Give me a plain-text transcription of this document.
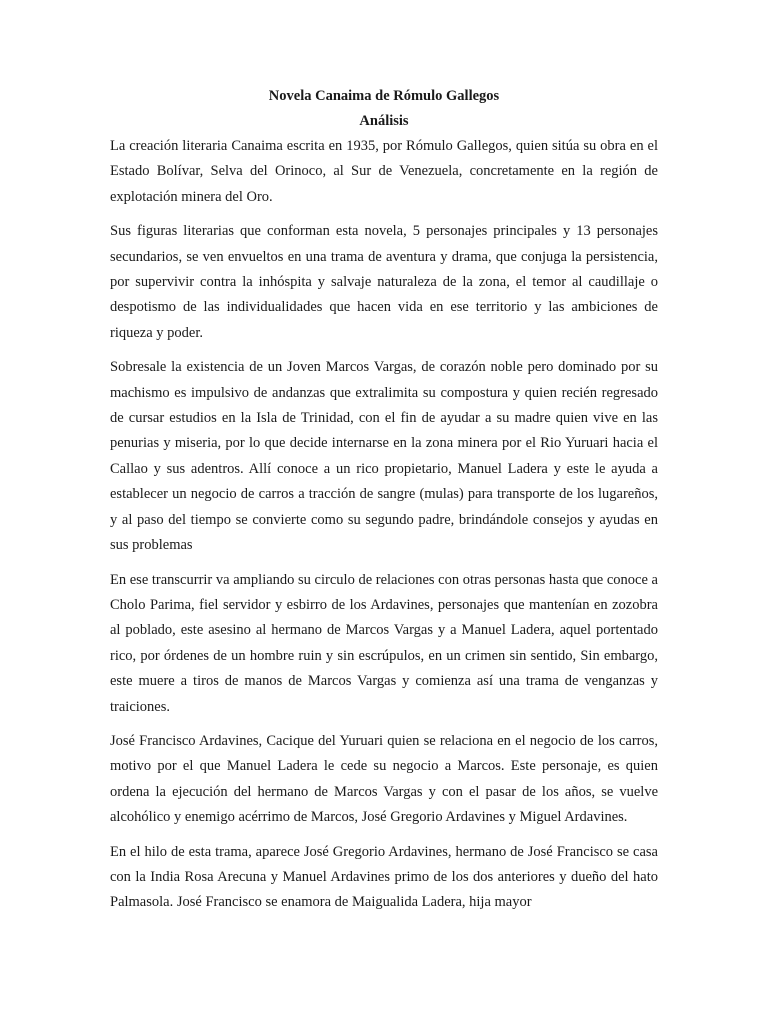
Novela Canaima de Rómulo Gallegos

Análisis

La creación literaria Canaima escrita en 1935, por Rómulo Gallegos, quien sitúa su obra en el Estado Bolívar, Selva del Orinoco, al Sur de Venezuela, concretamente en la región de explotación minera del Oro.

Sus figuras literarias que conforman esta novela, 5 personajes principales y 13 personajes secundarios, se ven envueltos en una trama de aventura y drama, que conjuga la persistencia, por supervivir contra la inhóspita y salvaje naturaleza de la zona, el temor al caudillaje o despotismo de las individualidades que hacen vida en ese territorio y las ambiciones de riqueza y poder.

Sobresale la existencia de un Joven Marcos Vargas, de corazón noble pero dominado por su machismo es impulsivo de andanzas que extralimita su compostura y quien recién regresado de cursar estudios en la Isla de Trinidad, con el fin de ayudar a su madre quien vive en las penurias y miseria, por lo que decide internarse en la zona minera por el Rio Yuruari hacia el Callao y sus adentros. Allí conoce a un rico propietario, Manuel Ladera y este le ayuda a establecer un negocio de carros a tracción de sangre (mulas) para transporte de los lugareños, y al paso del tiempo se convierte como su segundo padre, brindándole consejos y ayudas en sus problemas

En ese transcurrir va ampliando su circulo de relaciones con otras personas hasta que conoce a Cholo Parima, fiel servidor y esbirro de los Ardavines, personajes que mantenían en zozobra al poblado, este asesino al hermano de Marcos Vargas y a Manuel Ladera, aquel portentado rico, por órdenes de un hombre ruin y sin escrúpulos, en un crimen sin sentido, Sin embargo, este muere a tiros de manos de Marcos Vargas y comienza así una trama de venganzas y traiciones.

José Francisco Ardavines, Cacique del Yuruari quien se relaciona en el negocio de los carros, motivo por el que Manuel Ladera le cede su negocio a Marcos. Este personaje, es quien ordena la ejecución del hermano de Marcos Vargas y con el pasar de los años, se vuelve alcohólico y enemigo acérrimo de Marcos, José Gregorio Ardavines y Miguel Ardavines.

En el hilo de esta trama, aparece José Gregorio Ardavines, hermano de José Francisco se casa con la India Rosa Arecuna y Manuel Ardavines primo de los dos anteriores y dueño del hato Palmasola. José Francisco se enamora de Maigualida Ladera, hija mayor
